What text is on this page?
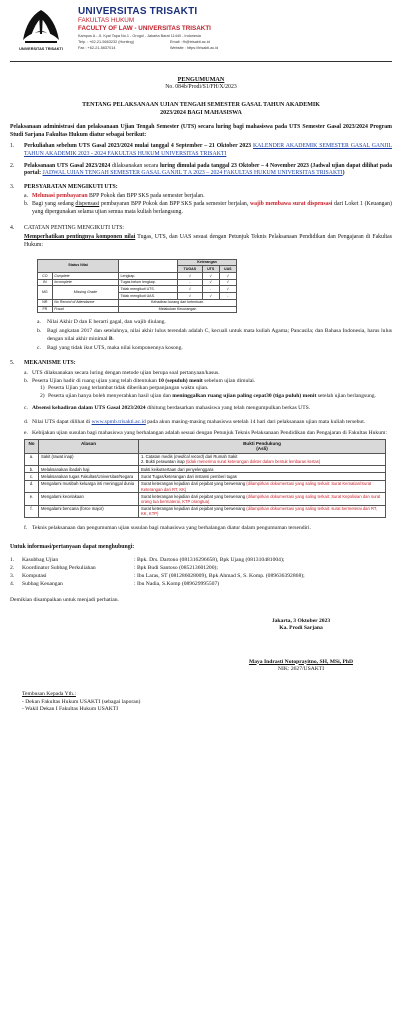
UNIVERSITAS TRISAKTI
UNIVERSITAS TRISAKTI
FAKULTAS HUKUM
FACULTY OF LAW - UNIVERSITAS TRISAKTI
Kampus A - Jl. Kyai Tapa No.1 - Grogol - Jakarta Barat 11440 - Indonesia
Telp. : +62-21-5663232 (Hunting)	Email : fh@trisakti.ac.id
Fax : +62-21-5637014	Website : https://trisakti.ac.id
PENGUMUMAN
No. 084b/Prodi/S1/FH/X/2023
TENTANG PELAKSANAAN UJIAN TENGAH SEMESTER GASAL TAHUN AKADEMIK
2023/2024 BAGI MAHASISWA
Pelaksanaan administrasi dan pelaksanaan Ujian Tengah Semester (UTS) secara luring bagi mahasiswa pada UTS Semester Gasal 2023/2024 Program Studi Sarjana Fakultas Hukum diatur sebagai berikut:
1.	Perkuliahan sebelum UTS Gasal 2023/2024 mulai tanggal 4 September – 21 Oktober 2023 KALENDER AKADEMIK SEMESTER GASAL GANJIL TAHUN AKADEMIK 2023 - 2024 FAKULTAS HUKUM UNIVERSITAS TRISAKTI
2.	Pelaksanaan UTS Gasal 2023/2024 dilaksanakan secara luring dimulai pada tanggal 23 Oktober – 4 November 2023 (Jadwal ujian dapat dilihat pada portal: JADWAL UJIAN TENGAH SEMESTER GASAL GANJIL T A 2023 – 2024 FAKULTAS HUKUM UNIVERSITAS TRISAKTI)
3.	PERSYARATAN MENGIKUTI UTS:
a. Melunasi pembayaran BPP Pokok dan BPP SKS pada semester berjalan.
b. Bagi yang sedang dispensasi pembayaran BPP Pokok dan BPP SKS pada semester berjalan, wajib membawa surat dispensasi dari Loket 1 (Keuangan) yang dipergunakan selama ujian semua mata kuliah berlangsung.
4.	CATATAN PENTING MENGIKUTI UTS:
Memperhatikan pentingnya komponen nilai Tugas, UTS, dan UAS sesuai dengan Petunjuk Teknis Pelaksanaan Pendidikan dan Pengajaran di Fakultas Hukum:
Status Nilai			Keterangan		
			TUGAS	UTS	UAS
CO	Complete	Lengkap.	√	√	√
IN	Incomplete	Tugas belum lengkap.	-	√	√
MG	Missing Grade	Tidak mengikuti UTS.	√	-	√
		Tidak mengikuti UAS.	√	√	-
NR	No Record of Attendance	Kehadiran kurang dari ketentuan.			
FR	Fraud	Melakukan Kecurangan			
a.	Nilai Akhir D dan E berarti gagal, dan wajib diulang.
b.	Bagi angkatan 2017 dan setelahnya, nilai akhir lulus terendah adalah C, kecuali untuk mata kuliah Agama; Pancasila; dan Bahasa Indonesia, harus lulus dengan nilai akhir minimal B.
c.	Bagi yang tidak ikut UTS, maka nilai komponennya kosong.
5.	MEKANISME UTS:
a. UTS dilaksanakan secara luring dengan metode ujian berupa soal pertanyaan/kasus.
b. Peserta Ujian hadir di ruang ujian yang telah ditentukan 10 (sepuluh) menit sebelum ujian dimulai.
1) Peserta Ujian yang terlambat tidak diberikan perpanjangan waktu ujian.
2) Peserta ujian hanya boleh menyerahkan hasil ujian dan meninggalkan ruang ujian paling cepat30 (tiga puluh) menit setelah ujian berlangsung.
c. Absensi kehadiran dalam UTS Gasal 2023/2024 dihitung berdasarkan mahasiswa yang telah mengumpulkan berkas UTS.
d. Nilai UTS dapat dilihat di www.spmb.trisakti.ac.id pada akun masing-masing mahasiswa setelah 14 hari dari pelaksanaan ujian mata kuliah tersebut.
e. Kebijakan ujian susulan bagi mahasiswa yang berhalangan adalah sesuai dengan Petunjuk Teknis Pelaksanaan Pendidikan dan Pengajaran di Fakultas Hukum:
No	Alasan	Bukti Pendukung
(Asli)

a.	Sakit (rawat inap)	1. Catatan medis (medical record) dari Rumah Sakit
2. Bukti perawatan inap (tidak menerima surat keterangan dokter dalam bentuk lembaran kertas)

b.	Melaksanakan ibadah haji	Bukti keikutsertaan dari penyelenggara
c.	Melaksanakan tugas Fakultas/Universitas/Negara	Surat Tugas/keterangan dari instansi pemberi tugas
d.	Mengalami musibah keluarga inti meninggal dunia	Surat keterangan kejadian dari pejabat yang berwenang (dilampirkan dokumentasi yang saling terkait: Surat Kematian/Surat Keterangan dari RT, KK)
e.	Mengalami kecelakaan	Surat keterangan kejadian dari pejabat yang berwenang (dilampirkan dokumentasi yang saling terkait: Surat Kepolisian dan surat orang tua bermaterai, KTP orangtua)
f.	Mengalami bencana (force major)	Surat keterangan kejadian dari pejabat yang berwenang (dilampirkan dokumentasi yang saling terkait: surat bermeterai dari RT, KK, KTP)
f. Teknis pelaksanaan dan pengumuman ujian susulan bagi mahasiswa yang berhalangan diatur dalam pengumuman tersendiri.
Untuk informasi/pertanyaan dapat menghubungi:
1.	Kasubbag Ujian	: Bpk. Drs. Dartono (081316296658), Bpk Ujang (081310481004);
2.	Koordinator Subbag Perkuliahan	: Bpk Budi Santoso (085213601200);
3.	Komputasi	: Ibu Laras, ST (081286028009), Bpk Ahmad S, S. Komp. (089636392868);
4.	Subbag Keuangan	: Ibu Nadia, S.Komp (089629995507)
Demikian disampaikan untuk menjadi perhatian.
Jakarta, 3 Oktober 2023
Ka. Prodi Sarjana
Maya Indrasti Notoprayitno, SH, MSi, PhD
NIK: 2627/USAKTI
Tembusan Kepada Yth.:
- Dekan Fakultas Hukum USAKTI (sebagai laporan)
- Wakil Dekan I Fakultas Hukum USAKTI
